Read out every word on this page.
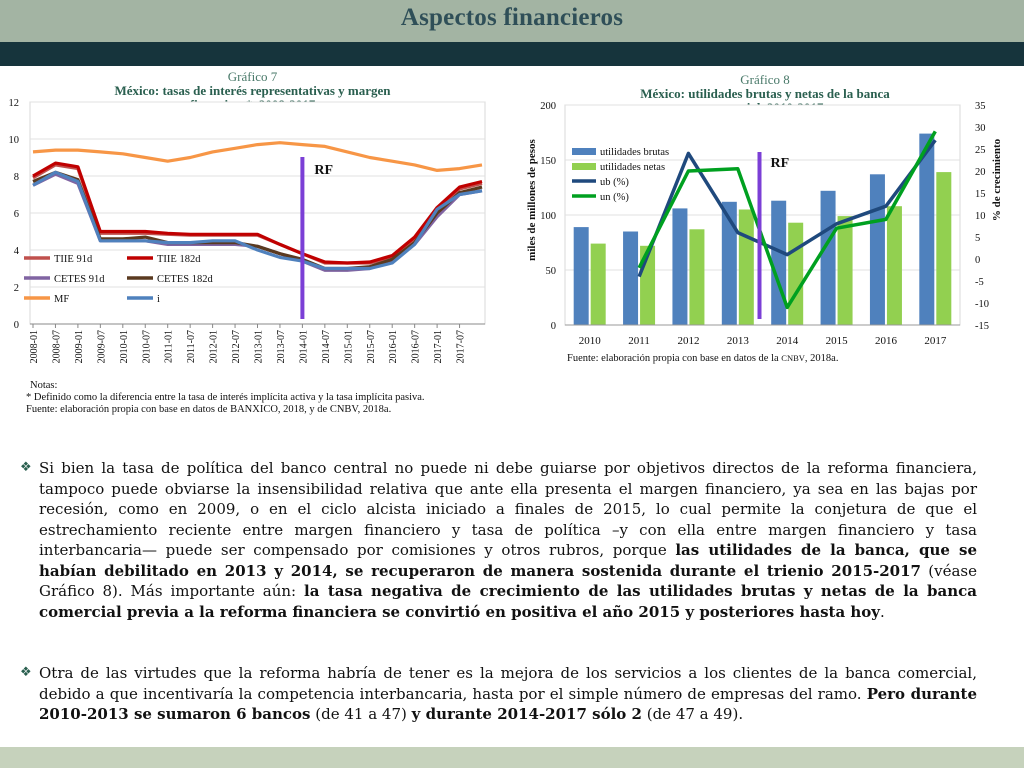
Aspectos financieros
Gráfico 7
México: tasas de interés representativas y margen
0
2
4
6
8
10
12
2008-01 2008-07 2009-01 2009-07 2010-01 2010-07 2011-01 2011-07 2012-01 2012-07 2013-01 2013-07 2014-01 2014-07 2015-01 2015-07 2016-01 2016-07 2017-01 2017-07
RF
TIIE 91d	TIIE 182d
CETES 91d	CETES 182d
MF	i
Notas:
* Definido como la diferencia entre la tasa de interés implícita activa y la tasa implícita pasiva.
Fuente: elaboración propia con base en datos de BANXICO, 2018, y de CNBV, 2018a.
Gráfico 8
México: utilidades brutas y netas de la banca
0
50
100
150
200
-15
-10
-5
0
5
10
15
20
25
30
35
miles de millones de pesos	% de crecimiento
2010	2011	2012 2013 2014 2015 2016 2017
RF
utilidades brutas
utilidades netas
ub (%)
un (%)
Fuente: elaboración propia con base en datos de la CNBV, 2018a.
❖ Si bien la tasa de política del banco central no puede ni debe guiarse por objetivos directos de la reforma financiera, tampoco puede obviarse la insensibilidad relativa que ante ella presenta el margen financiero, ya sea en las bajas por recesión, como en 2009, o en el ciclo alcista iniciado a finales de 2015, lo cual permite la conjetura de que el estrechamiento reciente entre margen financiero y tasa de política –y con ella entre margen financiero y tasa interbancaria— puede ser compensado por comisiones y otros rubros, porque las utilidades de la banca, que se habían debilitado en 2013 y 2014, se recuperaron de manera sostenida durante el trienio 2015-2017 (véase Gráfico 8). Más importante aún: la tasa negativa de crecimiento de las utilidades brutas y netas de la banca comercial previa a la reforma financiera se convirtió en positiva el año 2015 y posteriores hasta hoy.
❖ Otra de las virtudes que la reforma habría de tener es la mejora de los servicios a los clientes de la banca comercial, debido a que incentivaría la competencia interbancaria, hasta por el simple número de empresas del ramo. Pero durante 2010-2013 se sumaron 6 bancos (de 41 a 47) y durante 2014-2017 sólo 2 (de 47 a 49).
